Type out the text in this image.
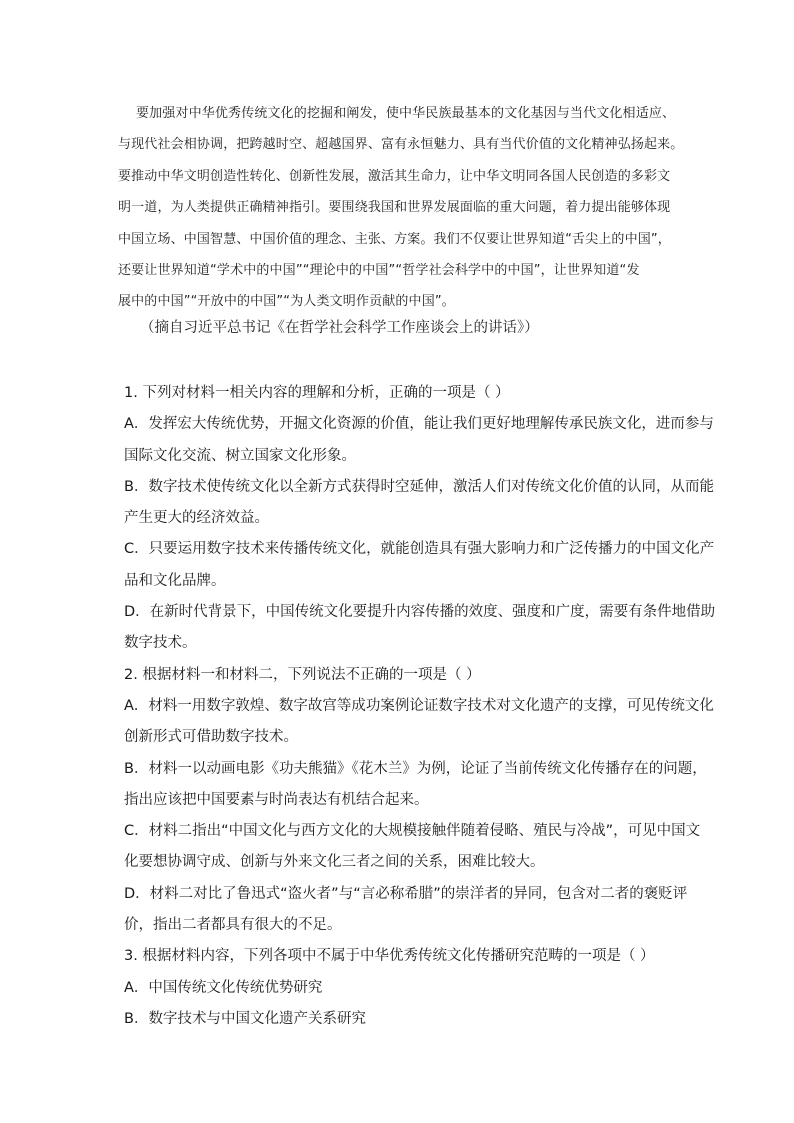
要加强对中华优秀传统文化的挖掘和阐发，使中华民族最基本的文化基因与当代文化相适应、
与现代社会相协调，把跨越时空、超越国界、富有永恒魅力、具有当代价值的文化精神弘扬起来。
要推动中华文明创造性转化、创新性发展，激活其生命力，让中华文明同各国人民创造的多彩文
明一道，为人类提供正确精神指引。要围绕我国和世界发展面临的重大问题，着力提出能够体现
中国立场、中国智慧、中国价值的理念、主张、方案。我们不仅要让世界知道“舌尖上的中国”，
还要让世界知道“学术中的中国”“理论中的中国”“哲学社会科学中的中国”，让世界知道“发
展中的中国”“开放中的中国”“为人类文明作贡献的中国”。
（摘自习近平总书记《在哲学社会科学工作座谈会上的讲话》）
1. 下列对材料一相关内容的理解和分析，正确的一项是（ ）
A．发挥宏大传统优势，开掘文化资源的价值，能让我们更好地理解传承民族文化，进而参与
国际文化交流、树立国家文化形象。
B．数字技术使传统文化以全新方式获得时空延伸，激活人们对传统文化价值的认同，从而能
产生更大的经济效益。
C．只要运用数字技术来传播传统文化，就能创造具有强大影响力和广泛传播力的中国文化产
品和文化品牌。
D．在新时代背景下，中国传统文化要提升内容传播的效度、强度和广度，需要有条件地借助
数字技术。
2. 根据材料一和材料二，下列说法不正确的一项是（ ）
A．材料一用数字敦煌、数字故宫等成功案例论证数字技术对文化遗产的支撑，可见传统文化
创新形式可借助数字技术。
B．材料一以动画电影《功夫熊猫》《花木兰》为例，论证了当前传统文化传播存在的问题，
指出应该把中国要素与时尚表达有机结合起来。
C．材料二指出“中国文化与西方文化的大规模接触伴随着侵略、殖民与冷战”，可见中国文
化要想协调守成、创新与外来文化三者之间的关系，困难比较大。
D．材料二对比了鲁迅式“盗火者”与“言必称希腊”的崇洋者的异同，包含对二者的褒贬评
价，指出二者都具有很大的不足。
3. 根据材料内容，下列各项中不属于中华优秀传统文化传播研究范畴的一项是（ ）
A．中国传统文化传统优势研究
B．数字技术与中国文化遗产关系研究
